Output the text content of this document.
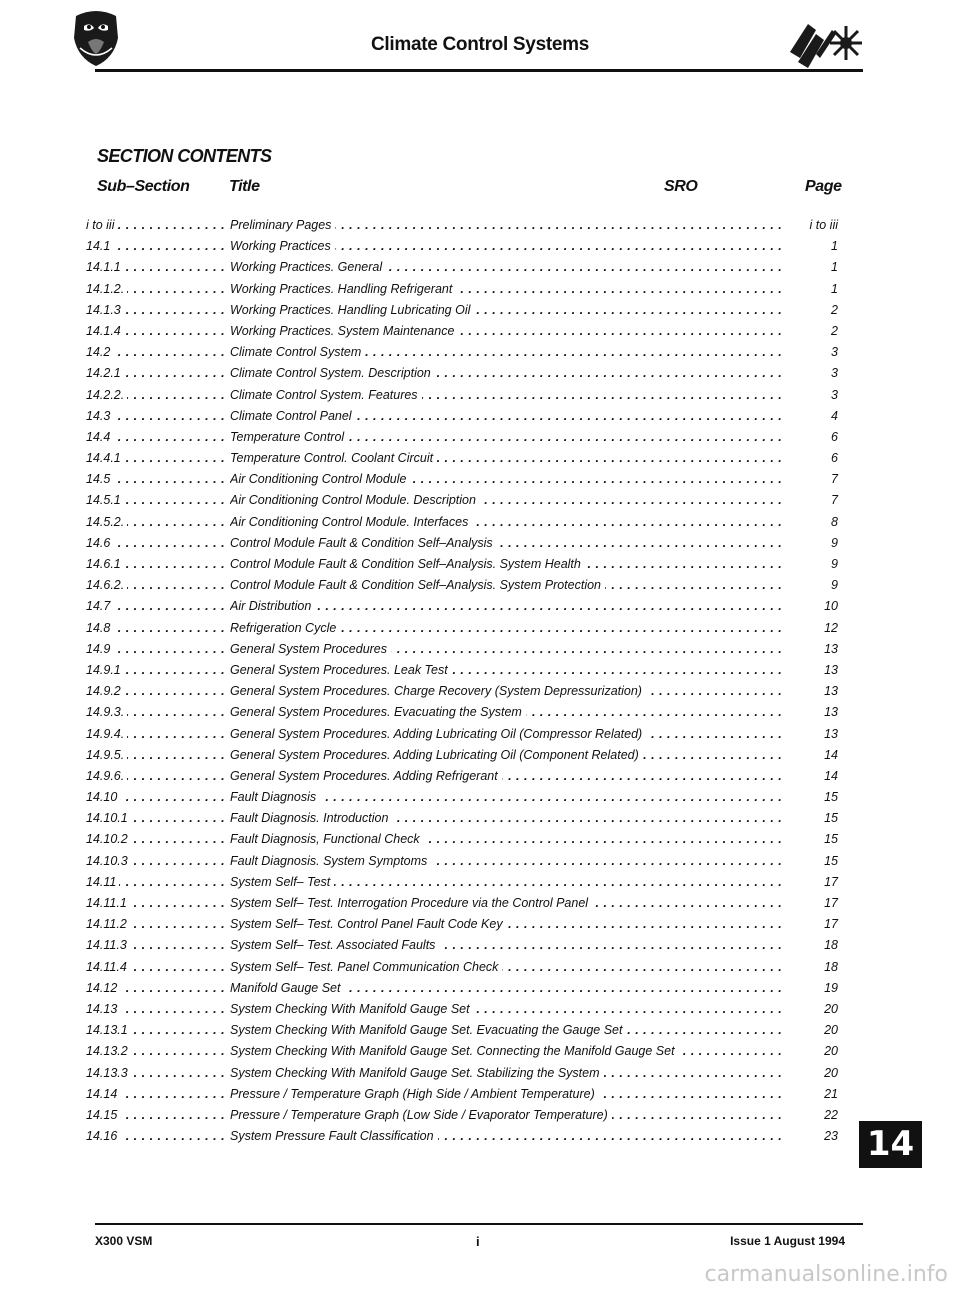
Climate Control Systems
SECTION CONTENTS
Sub–Section Title	SRO	Page
i to iii . . .	Preliminary Pages . . .	i to iii
14.1 . . .	Working Practices . . .	1
14.1.1 . . .	Working Practices. General . . .	1
14.1.2. . . .	Working Practices. Handling Refrigerant . . .	1
14.1.3 . . .	Working Practices. Handling Lubricating Oil . . .	2
14.1.4 . . .	Working Practices. System Maintenance . . .	2
14.2 . . .	Climate Control System . . .	3
14.2.1 . . .	Climate Control System. Description . . .	3
14.2.2. . . .	Climate Control System. Features . . .	3
14.3 . . .	Climate Control Panel . . .	4
14.4 . . .	Temperature Control . . .	6
14.4.1 . . .	Temperature Control. Coolant Circuit . . .	6
14.5 . . .	Air Conditioning Control Module . . .	7
14.5.1 . . .	Air Conditioning Control Module. Description . . .	7
14.5.2. . . .	Air Conditioning Control Module. Interfaces . . .	8
14.6 . . .	Control Module Fault & Condition Self–Analysis . . .	9
14.6.1 . . .	Control Module Fault & Condition Self–Analysis. System Health . . .	9
14.6.2. . . .	Control Module Fault & Condition Self–Analysis. System Protection . . .	9
14.7 . . .	Air Distribution . . .	10
14.8 . . .	Refrigeration Cycle . . .	12
14.9 . . .	General System Procedures . . .	13
14.9.1 . . .	General System Procedures. Leak Test . . .	13
14.9.2 . . .	General System Procedures. Charge Recovery (System Depressurization) . . .	13
14.9.3. . . .	General System Procedures. Evacuating the System . . .	13
14.9.4. . . .	General System Procedures. Adding Lubricating Oil (Compressor Related) . . .	13
14.9.5. . . .	General System Procedures. Adding Lubricating Oil (Component Related) . . .	14
14.9.6. . . .	General System Procedures. Adding Refrigerant . . .	14
14.10 . . .	Fault Diagnosis . . .	15
14.10.1 . . .	Fault Diagnosis. Introduction . . .	15
14.10.2 . . .	Fault Diagnosis, Functional Check . . .	15
14.10.3 . . .	Fault Diagnosis. System Symptoms . . .	15
14.11 . . .	System Self– Test . . .	17
14.11.1 . . .	System Self– Test. Interrogation Procedure via the Control Panel . . .	17
14.11.2 . . .	System Self– Test. Control Panel Fault Code Key . . .	17
14.11.3 . . .	System Self– Test. Associated Faults . . .	18
14.11.4 . . .	System Self– Test. Panel Communication Check . . .	18
14.12 . . .	Manifold Gauge Set . . .	19
14.13 . . .	System Checking With Manifold Gauge Set . . .	20
14.13.1 . . .	System Checking With Manifold Gauge Set. Evacuating the Gauge Set . . .	20
14.13.2 . . .	System Checking With Manifold Gauge Set. Connecting the Manifold Gauge Set . . .	20
14.13.3 . . .	System Checking With Manifold Gauge Set. Stabilizing the System . . .	20
14.14 . . .	Pressure / Temperature Graph (High Side / Ambient Temperature) . . .	21
14.15 . . .	Pressure / Temperature Graph (Low Side / Evaporator Temperature) . . .	22
14.16 . . .	System Pressure Fault Classification . . .	23 14
X300 VSM	i	Issue 1 August 1994
carmanualsonline.info
